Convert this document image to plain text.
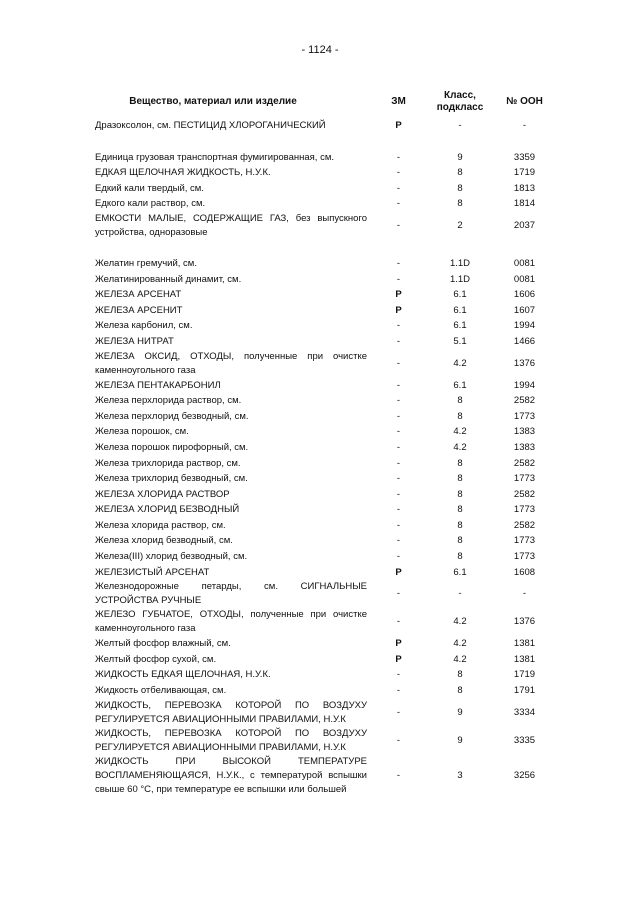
- 1124 -
Вещество, материал или изделие	ЗМ	Класс, подкласс	№ ООН
Дразоксолон, см. ПЕСТИЦИД ХЛОРОГАНИЧЕСКИЙ	P	-	-

Единица грузовая транспортная фумигированная, см.	-	9	3359
ЕДКАЯ ЩЕЛОЧНАЯ ЖИДКОСТЬ, Н.У.К.	-	8	1719
Едкий кали твердый, см.	-	8	1813
Едкого кали раствор, см.	-	8	1814
ЕМКОСТИ МАЛЫЕ, СОДЕРЖАЩИЕ ГАЗ, без выпускного устройства, одноразовые	-	2	2037

Желатин гремучий, см.	-	1.1D	0081
Желатинированный динамит, см.	-	1.1D	0081
ЖЕЛЕЗА АРСЕНАТ	P	6.1	1606
ЖЕЛЕЗА АРСЕНИТ	P	6.1	1607
Железа карбонил, см.	-	6.1	1994
ЖЕЛЕЗА НИТРАТ	-	5.1	1466
ЖЕЛЕЗА ОКСИД, ОТХОДЫ, полученные при очистке каменноугольного газа	-	4.2	1376
ЖЕЛЕЗА ПЕНТАКАРБОНИЛ	-	6.1	1994
Железа перхлорида раствор, см.	-	8	2582
Железа перхлорид безводный, см.	-	8	1773
Железа порошок, см.	-	4.2	1383
Железа порошок пирофорный, см.	-	4.2	1383
Железа трихлорида раствор, см.	-	8	2582
Железа трихлорид безводный, см.	-	8	1773
ЖЕЛЕЗА ХЛОРИДА РАСТВОР	-	8	2582
ЖЕЛЕЗА ХЛОРИД БЕЗВОДНЫЙ	-	8	1773
Железа хлорида раствор, см.	-	8	2582
Железа хлорид безводный, см.	-	8	1773
Железа(III) хлорид безводный, см.	-	8	1773
ЖЕЛЕЗИСТЫЙ АРСЕНАТ	P	6.1	1608
Железнодорожные петарды, см. СИГНАЛЬНЫЕ УСТРОЙСТВА РУЧНЫЕ	-	-	-
ЖЕЛЕЗО ГУБЧАТОЕ, ОТХОДЫ, полученные при очистке каменноугольного газа	-	4.2	1376
Желтый фосфор влажный, см.	P	4.2	1381
Желтый фосфор сухой, см.	P	4.2	1381
ЖИДКОСТЬ ЕДКАЯ ЩЕЛОЧНАЯ, Н.У.К.	-	8	1719
Жидкость отбеливающая, см.	-	8	1791
ЖИДКОСТЬ, ПЕРЕВОЗКА КОТОРОЙ ПО ВОЗДУХУ РЕГУЛИРУЕТСЯ АВИАЦИОННЫМИ ПРАВИЛАМИ, Н.У.К	-	9	3334
ЖИДКОСТЬ, ПЕРЕВОЗКА КОТОРОЙ ПО ВОЗДУХУ РЕГУЛИРУЕТСЯ АВИАЦИОННЫМИ ПРАВИЛАМИ, Н.У.К	-	9	3335
ЖИДКОСТЬ ПРИ ВЫСОКОЙ ТЕМПЕРАТУРЕ ВОСПЛАМЕНЯЮЩАЯСЯ, Н.У.К., с температурой вспышки свыше 60 °С, при температуре ее вспышки или большей	-	3	3256
